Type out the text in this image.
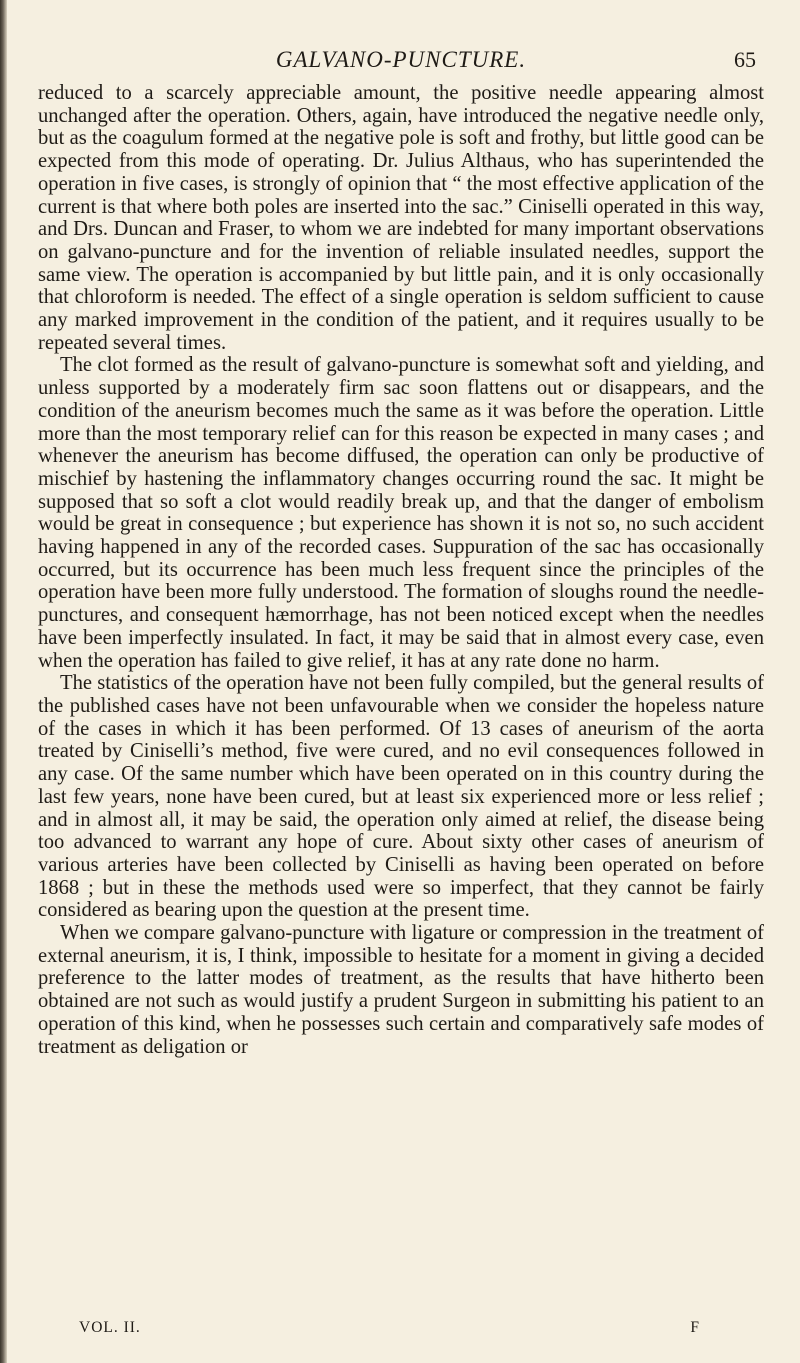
GALVANO-PUNCTURE.	65

reduced to a scarcely appreciable amount, the positive needle appearing almost unchanged after the operation. Others, again, have introduced the negative needle only, but as the coagulum formed at the negative pole is soft and frothy, but little good can be expected from this mode of operating. Dr. Julius Althaus, who has superintended the operation in five cases, is strongly of opinion that “ the most effective application of the current is that where both poles are inserted into the sac.” Ciniselli operated in this way, and Drs. Duncan and Fraser, to whom we are indebted for many important observations on galvano-puncture and for the invention of reliable insulated needles, support the same view. The operation is accompanied by but little pain, and it is only occasionally that chloroform is needed. The effect of a single operation is seldom sufficient to cause any marked improvement in the condition of the patient, and it requires usually to be repeated several times.

The clot formed as the result of galvano-puncture is somewhat soft and yielding, and unless supported by a moderately firm sac soon flattens out or disappears, and the condition of the aneurism becomes much the same as it was before the operation. Little more than the most temporary relief can for this reason be expected in many cases ; and whenever the aneurism has become diffused, the operation can only be productive of mischief by hastening the inflammatory changes occurring round the sac. It might be supposed that so soft a clot would readily break up, and that the danger of embolism would be great in consequence ; but experience has shown it is not so, no such accident having happened in any of the recorded cases. Suppuration of the sac has occasionally occurred, but its occurrence has been much less frequent since the principles of the operation have been more fully understood. The formation of sloughs round the needle-punctures, and consequent hæmorrhage, has not been noticed except when the needles have been imperfectly insulated. In fact, it may be said that in almost every case, even when the operation has failed to give relief, it has at any rate done no harm.

The statistics of the operation have not been fully compiled, but the general results of the published cases have not been unfavourable when we consider the hopeless nature of the cases in which it has been performed. Of 13 cases of aneurism of the aorta treated by Ciniselli’s method, five were cured, and no evil consequences followed in any case. Of the same number which have been operated on in this country during the last few years, none have been cured, but at least six experienced more or less relief ; and in almost all, it may be said, the operation only aimed at relief, the disease being too advanced to warrant any hope of cure. About sixty other cases of aneurism of various arteries have been collected by Ciniselli as having been operated on before 1868 ; but in these the methods used were so imperfect, that they cannot be fairly considered as bearing upon the question at the present time.

When we compare galvano-puncture with ligature or compression in the treatment of external aneurism, it is, I think, impossible to hesitate for a moment in giving a decided preference to the latter modes of treatment, as the results that have hitherto been obtained are not such as would justify a prudent Surgeon in submitting his patient to an operation of this kind, when he possesses such certain and comparatively safe modes of treatment as deligation or

VOL. II.	F
